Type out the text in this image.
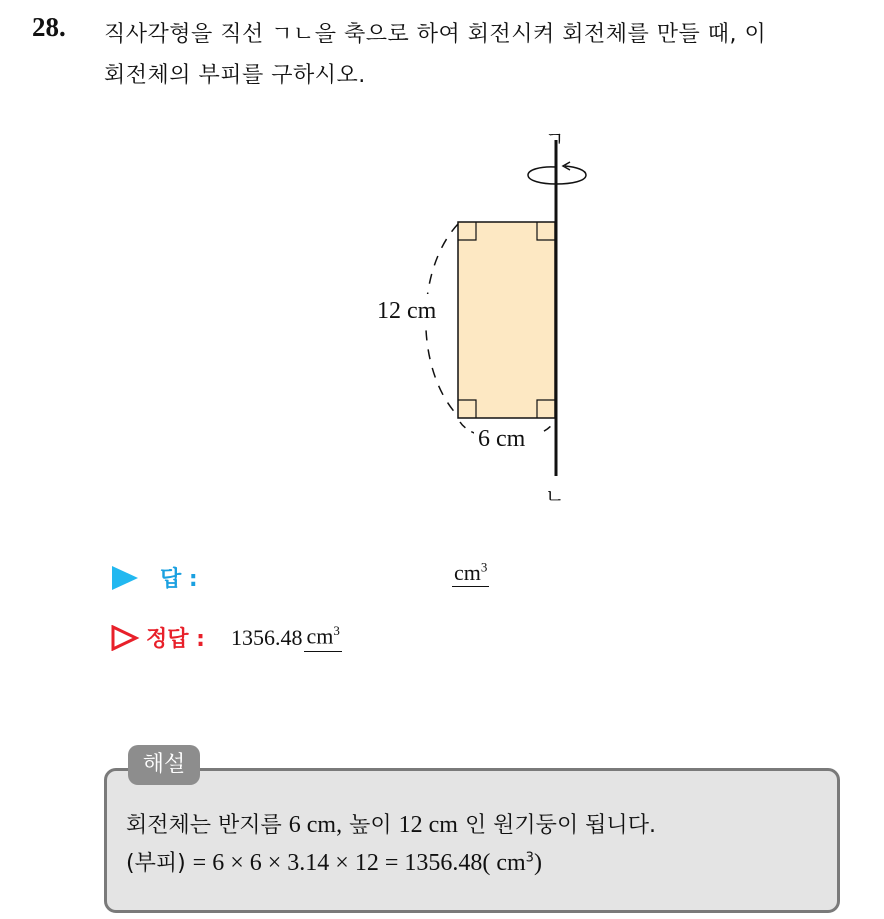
28. 직사각형을 직선 ㄱㄴ을 축으로 하여 회전시켜 회전체를 만들 때, 이
회전체의 부피를 구하시오.
ㄱ
ㄴ
12 cm
6 cm
답 :	$cm^3$
정답 : 1356.48 $cm^3$
해설
회전체는 반지름 6 cm, 높이 12 cm 인 원기둥이 됩니다.
(부피) = 6 × 6 × 3.14 × 12 = 1356.48( $cm^3$)
